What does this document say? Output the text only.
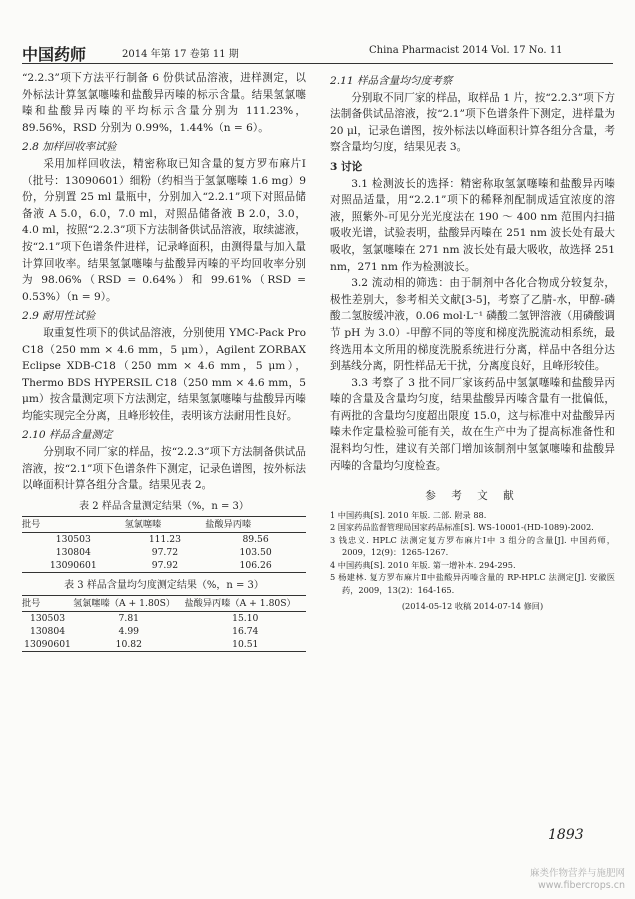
中国药师	2014 年第 17 卷第 11 期	China Pharmacist 2014 Vol. 17 No. 11

“2.2.3”项下方法平行制备 6 份供试品溶液，进样测定，以外标法计算氢氯噻嗪和盐酸异丙嗪的标示含量。结果氢氯噻嗪和盐酸异丙嗪的平均标示含量分别为 111.23%，89.56%，RSD 分别为 0.99%，1.44%（n = 6）。

2.8 加样回收率试验

采用加样回收法，精密称取已知含量的复方罗布麻片Ⅰ（批号：13090601）细粉（约相当于氢氯噻嗪 1.6 mg）9 份，分别置 25 ml 量瓶中，分别加入“2.2.1”项下对照品储备液 A 5.0，6.0，7.0 ml，对照品储备液 B 2.0，3.0，4.0 ml，按照“2.2.3”项下方法制备供试品溶液，取续滤液，按“2.1”项下色谱条件进样，记录峰面积，由测得量与加入量计算回收率。结果氢氯噻嗪与盐酸异丙嗪的平均回收率分别为 98.06%（RSD = 0.64%）和 99.61%（RSD = 0.53%）（n = 9）。

2.9 耐用性试验

取重复性项下的供试品溶液，分别使用 YMC-Pack Pro C18（250 mm × 4.6 mm，5 μm），Agilent ZORBAX Eclipse XDB-C18（250 mm × 4.6 mm，5 μm），Thermo BDS HYPERSIL C18（250 mm × 4.6 mm，5 μm）按含量测定项下方法测定，结果氢氯噻嗪与盐酸异丙嗪均能实现完全分离，且峰形较佳，表明该方法耐用性良好。

2.10 样品含量测定

分别取不同厂家的样品，按“2.2.3”项下方法制备供试品溶液，按“2.1”项下色谱条件下测定，记录色谱图，按外标法以峰面积计算各组分含量。结果见表 2。

表 2 样品含量测定结果（%，n = 3）
批号	氢氯噻嗪	盐酸异丙嗪
130503	111.23	89.56
130804	97.72	103.50
13090601	97.92	106.26
表 3 样品含量均匀度测定结果（%，n = 3）
批号	氢氯噻嗪（A + 1.80S）	盐酸异丙嗪（A + 1.80S）
130503	7.81	15.10
130804	4.99	16.74
13090601	10.82	10.51
2.11 样品含量均匀度考察

分别取不同厂家的样品，取样品 1 片，按“2.2.3”项下方法制备供试品溶液，按“2.1”项下色谱条件下测定，进样量为 20 μl，记录色谱图，按外标法以峰面积计算各组分含量，考察含量均匀度，结果见表 3。

3 讨论

3.1 检测波长的选择：精密称取氢氯噻嗪和盐酸异丙嗪对照品适量，用“2.2.1”项下的稀释剂配制成适宜浓度的溶液，照紫外-可见分光光度法在 190 ～ 400 nm 范围内扫描吸收光谱，试验表明，盐酸异丙嗪在 251 nm 波长处有最大吸收，氢氯噻嗪在 271 nm 波长处有最大吸收，故选择 251 nm，271 nm 作为检测波长。

3.2 流动相的筛选：由于制剂中各化合物成分较复杂，极性差别大，参考相关文献[3-5]，考察了乙腈-水，甲醇-磷酸二氢胺缓冲液，0.06 mol·L⁻¹ 磷酸二氢钾溶液（用磷酸调节 pH 为 3.0）-甲醇不同的等度和梯度洗脱流动相系统，最终选用本文所用的梯度洗脱系统进行分离，样品中各组分达到基线分离，阴性样品无干扰，分离度良好，且峰形较佳。

3.3 考察了 3 批不同厂家该药品中氢氯噻嗪和盐酸异丙嗪的含量及含量均匀度，结果盐酸异丙嗪含量有一批偏低，有两批的含量均匀度超出限度 15.0，这与标准中对盐酸异丙嗪未作定量检验可能有关，故在生产中为了提高标准备性和混料均匀性，建议有关部门增加该制剂中氢氯噻嗪和盐酸异丙嗪的含量均匀度检查。

参 考 文 献
1 中国药典[S]. 2010 年版. 二部. 附录 88.
2 国家药品监督管理局国家药品标准[S]. WS-10001-(HD-1089)-2002.
3 钱忠义. HPLC 法测定复方罗布麻片Ⅰ中 3 组分的含量[J]. 中国药师，2009，12(9)：1265-1267.
4 中国药典[S]. 2010 年版. 第一增补本. 294-295.
5 杨建林. 复方罗布麻片Ⅱ中盐酸异丙嗪含量的 RP-HPLC 法测定[J]. 安徽医药，2009，13(2)：164-165.
(2014-05-12 收稿 2014-07-14 修回)
1893
麻类作物营养与施肥网
www.fibercrops.cn
